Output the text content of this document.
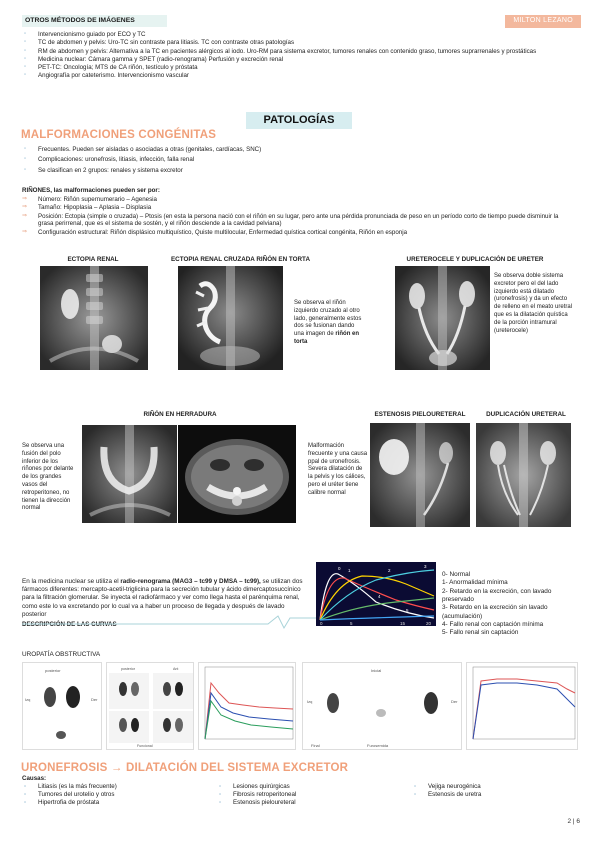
OTROS MÉTODOS DE IMÁGENES	MILTON LEZANO
▫ Intervencionismo guiado por ECO y TC
▫ TC de abdomen y pelvis: Uro-TC sin contraste para litiasis. TC con contraste otras patologías
▫ RM de abdomen y pelvis: Alternativa a la TC en pacientes alérgicos al iodo. Uro-RM para sistema excretor, tumores renales con contenido graso, tumores suprarrenales y prostáticas
▫ Medicina nuclear: Cámara gamma y SPET (radio-renograma) Perfusión y excreción renal
▫ PET-TC: Oncología; MTS de CA riñón, testículo y próstata
▫ Angiografía por cateterismo. Intervencionismo vascular
PATOLOGÍAS
MALFORMACIONES CONGÉNITAS
▫ Frecuentes. Pueden ser aisladas o asociadas a otras (genitales, cardíacas, SNC)
▫ Complicaciones: uronefrosis, litiasis, infección, falla renal
▫ Se clasifican en 2 grupos: renales y sistema excretor
RIÑONES, las malformaciones pueden ser por:
⇒ Número: Riñón supernumerario – Agenesia
⇒ Tamaño: Hipoplasia – Aplasia – Displasia
⇒ Posición: Ectopia (simple o cruzada) – Ptosis (en esta la persona nació con el riñón en su lugar, pero ante una pérdida pronunciada de peso en un período corto de tiempo puede disminuir la grasa perirrenal, que es el sistema de sostén, y el riñón desciende a la cavidad pelviana)
⇒ Configuración estructural: Riñón displásico multiquístico, Quiste multilocular, Enfermedad quística cortical congénita, Riñón en esponja
ECTOPIA RENAL	ECTOPIA RENAL CRUZADA RIÑÓN EN TORTA
Se observa el riñón izquierdo cruzado al otro lado, generalmente estos dos se fusionan dando una imagen de riñón en torta
URETEROCELE Y DUPLICACIÓN DE URETER
Se observa doble sistema excretor pero el del lado izquierdo está dilatado (uronefrosis) y da un efecto de relleno en el meato uretral que es la dilatación quística de la porción intramural (ureterocele)
RIÑÓN EN HERRADURA
Se observa una fusión del polo inferior de los riñones por delante de los grandes vasos del retroperitoneo, no tienen la dirección normal
ESTENOSIS PIELOURETERAL
Malformación frecuente y una causa ppal de uronefrosis. Severa dilatación de la pelvis y los cálices, pero el uréter tiene calibre normal
DUPLICACIÓN URETERAL
En la medicina nuclear se utiliza el radio-renograma (MAG3 – tc99 y DMSA – tc99), se utilizan dos fármacos diferentes: mercapto-acetil-triglicina para la secreción tubular y ácido dimercaptosuccínico para la filtración glomerular. Se inyecta el radiofármaco y ver como llega hasta el parénquima renal, como este lo va excretando por lo cual va a haber un proceso de llegada y después de lavado posterior
DESCRIPCIÓN DE LAS CURVAS
0 1	2
3
4
5
0	5	15	20
0- Normal
1- Anormalidad mínima
2- Retardo en la excreción, con lavado preservado
3- Retardo en la excreción sin lavado (acumulación)
4- Fallo renal con captación mínima
5- Fallo renal sin captación
UROPATÍA OBSTRUCTIVA
posterior
Izq	Der
posterior	Ant
Funcional
Inicial
Furosemida
Final
Izq	Der
URONEFROSIS → DILATACIÓN DEL SISTEMA EXCRETOR
Causas:
▫ Litiasis (es la más frecuente)
▫ Tumores del urotelio y otros
▫ Hipertrofia de próstata
▫ Lesiones quirúrgicas
▫ Fibrosis retroperitoneal
▫ Estenosis pieloureteral
▫ Vejiga neurogénica
▫ Estenosis de uretra
2 | 6
